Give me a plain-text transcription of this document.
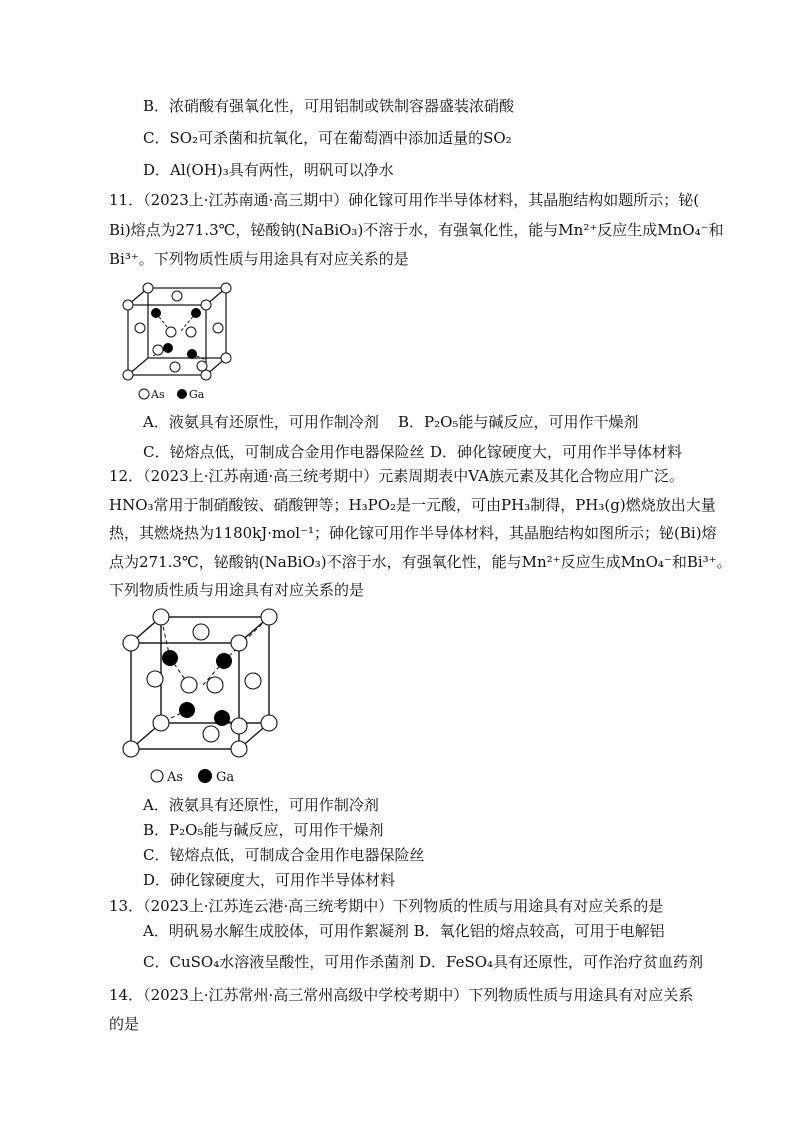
B．浓硝酸有强氧化性，可用铝制或铁制容器盛装浓硝酸
C．SO₂可杀菌和抗氧化，可在葡萄酒中添加适量的SO₂
D．Al(OH)₃具有两性，明矾可以净水
11．（2023上·江苏南通·高三期中）砷化镓可用作半导体材料，其晶胞结构如题所示；铋(
Bi)熔点为271.3℃，铋酸钠(NaBiO₃)不溶于水，有强氧化性，能与Mn²⁺反应生成MnO₄⁻和
Bi³⁺。下列物质性质与用途具有对应关系的是
As Ga
A．液氨具有还原性，可用作制冷剂 B．P₂O₅能与碱反应，可用作干燥剂
C．铋熔点低，可制成合金用作电器保险丝 D．砷化镓硬度大，可用作半导体材料
12．（2023上·江苏南通·高三统考期中）元素周期表中VA族元素及其化合物应用广泛。
HNO₃常用于制硝酸铵、硝酸钾等；H₃PO₂是一元酸，可由PH₃制得，PH₃(g)燃烧放出大量
热，其燃烧热为1180kJ·mol⁻¹；砷化镓可用作半导体材料，其晶胞结构如图所示；铋(Bi)熔
点为271.3℃，铋酸钠(NaBiO₃)不溶于水，有强氧化性，能与Mn²⁺反应生成MnO₄⁻和Bi³⁺。
下列物质性质与用途具有对应关系的是
As	Ga
A．液氨具有还原性，可用作制冷剂
B．P₂O₅能与碱反应，可用作干燥剂
C．铋熔点低，可制成合金用作电器保险丝
D．砷化镓硬度大，可用作半导体材料
13．（2023上·江苏连云港·高三统考期中）下列物质的性质与用途具有对应关系的是
A．明矾易水解生成胶体，可用作絮凝剂 B．氧化铝的熔点较高，可用于电解铝
C．CuSO₄水溶液呈酸性，可用作杀菌剂 D．FeSO₄具有还原性，可作治疗贫血药剂
14．（2023上·江苏常州·高三常州高级中学校考期中）下列物质性质与用途具有对应关系
的是
